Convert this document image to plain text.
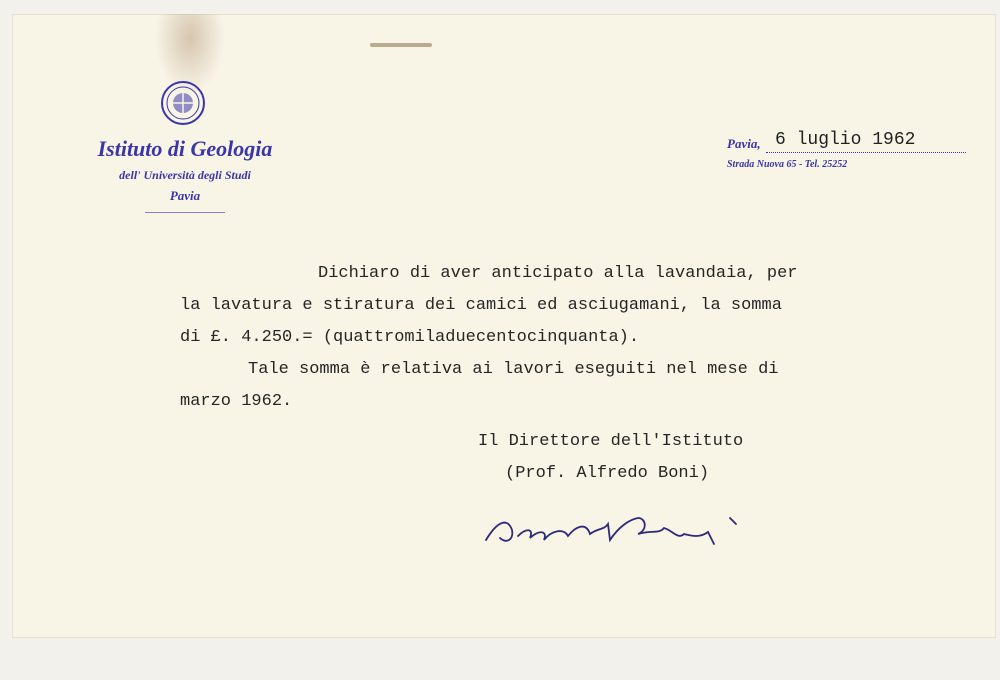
Istituto di Geologia
dell' Università degli Studi
Pavia
Pavia, 6 luglio 1962
Strada Nuova 65 - Tel. 25252
Dichiaro di aver anticipato alla lavandaia, per
la lavatura e stiratura dei camici ed asciugamani, la somma
di £. 4.250.= (quattromiladuecentocinquanta).
Tale somma è relativa ai lavori eseguiti nel mese di
marzo 1962.
Il Direttore dell'Istituto
(Prof. Alfredo Boni)
